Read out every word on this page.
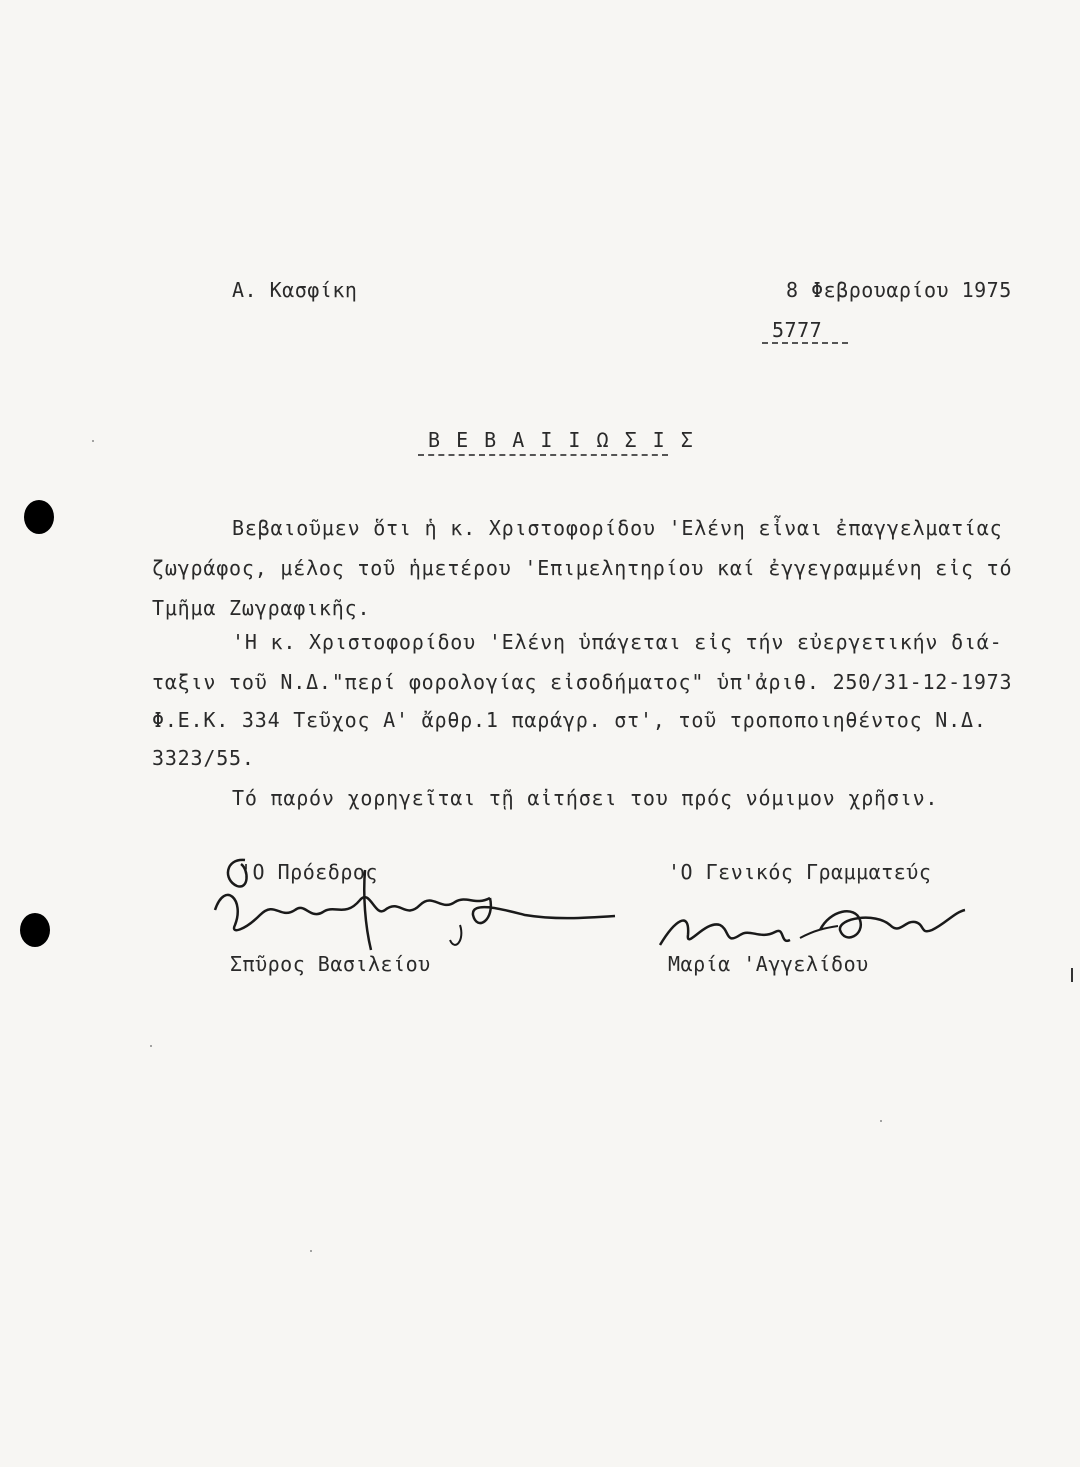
Α. Κασφίκη	8 Φεβρουαρίου 1975
5777
Β Ε Β Α Ι Ι Ω Σ Ι Σ
Βεβαιοῦμεν ὅτι ἡ κ. Χριστοφορίδου 'Ελένη εἶναι ἐπαγγελματίας
ζωγράφος, μέλος τοῦ ἡμετέρου 'Επιμελητηρίου καί ἐγγεγραμμένη εἰς τό
Τμῆμα Ζωγραφικῆς.
'Η κ. Χριστοφορίδου 'Ελένη ὑπάγεται εἰς τήν εὐεργετικήν διά-
ταξιν τοῦ Ν.Δ."περί φορολογίας εἰσοδήματος" ὑπ'ἀριθ. 250/31-12-1973
Φ.Ε.Κ. 334 Τεῦχος Α' ἄρθρ.1 παράγρ. στ', τοῦ τροποποιηθέντος Ν.Δ.
3323/55.
Τό παρόν χορηγεῖται τῇ αἰτήσει του πρός νόμιμον χρῆσιν.
'Ο Πρόεδρος
Σπῦρος Βασιλείου
'Ο Γενικός Γραμματεύς
Μαρία 'Αγγελίδου
